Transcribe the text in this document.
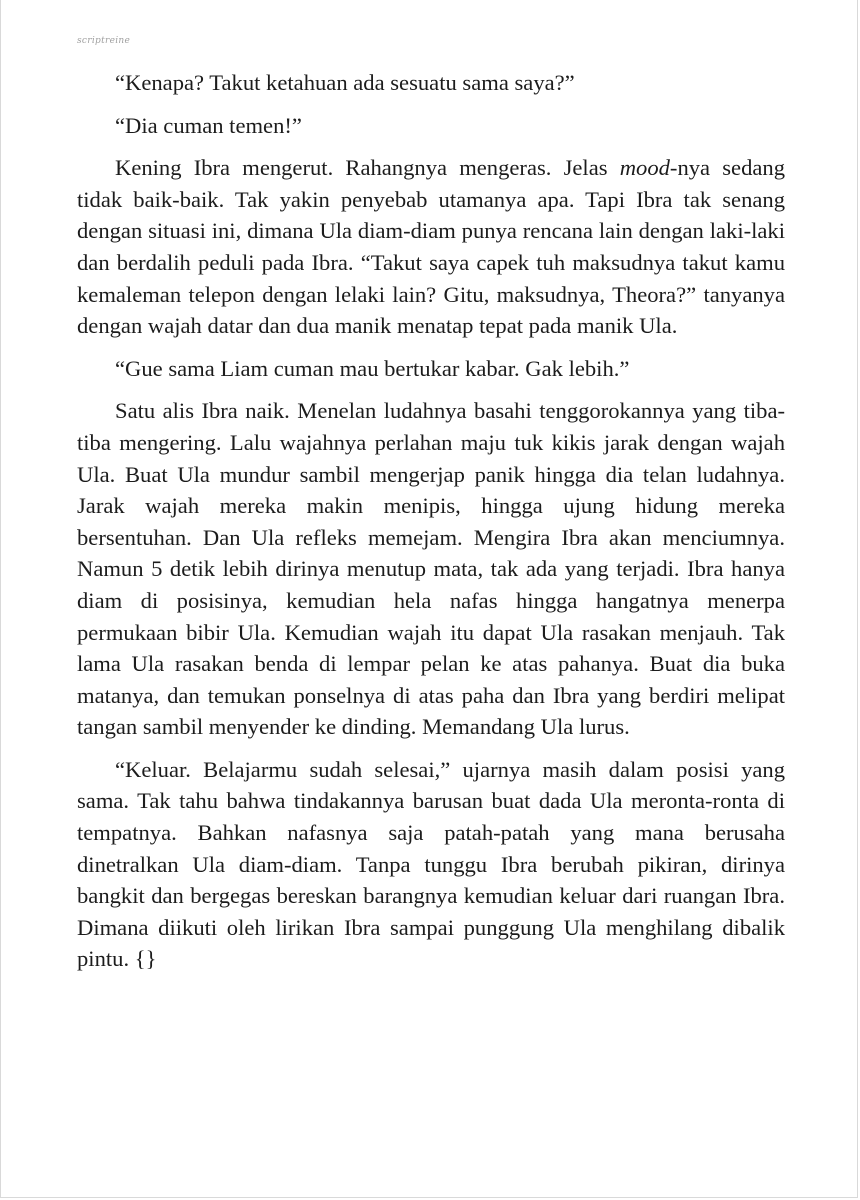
scriptreine

“Kenapa? Takut ketahuan ada sesuatu sama saya?”

“Dia cuman temen!”

Kening Ibra mengerut. Rahangnya mengeras. Jelas mood-nya sedang tidak baik-baik. Tak yakin penyebab utamanya apa. Tapi Ibra tak senang dengan situasi ini, dimana Ula diam-diam punya rencana lain dengan laki-laki dan berdalih peduli pada Ibra. “Takut saya capek tuh maksudnya takut kamu kemaleman telepon dengan lelaki lain? Gitu, maksudnya, Theora?” tanyanya dengan wajah datar dan dua manik menatap tepat pada manik Ula.

“Gue sama Liam cuman mau bertukar kabar. Gak lebih.”

Satu alis Ibra naik. Menelan ludahnya basahi tenggorokannya yang tiba-tiba mengering. Lalu wajahnya perlahan maju tuk kikis jarak dengan wajah Ula. Buat Ula mundur sambil mengerjap panik hingga dia telan ludahnya. Jarak wajah mereka makin menipis, hingga ujung hidung mereka bersentuhan. Dan Ula refleks memejam. Mengira Ibra akan menciumnya. Namun 5 detik lebih dirinya menutup mata, tak ada yang terjadi. Ibra hanya diam di posisinya, kemudian hela nafas hingga hangatnya menerpa permukaan bibir Ula. Kemudian wajah itu dapat Ula rasakan menjauh. Tak lama Ula rasakan benda di lempar pelan ke atas pahanya. Buat dia buka matanya, dan temukan ponselnya di atas paha dan Ibra yang berdiri melipat tangan sambil menyender ke dinding. Memandang Ula lurus.

“Keluar. Belajarmu sudah selesai,” ujarnya masih dalam posisi yang sama. Tak tahu bahwa tindakannya barusan buat dada Ula meronta-ronta di tempatnya. Bahkan nafasnya saja patah-patah yang mana berusaha dinetralkan Ula diam-diam. Tanpa tunggu Ibra berubah pikiran, dirinya bangkit dan bergegas bereskan barangnya kemudian keluar dari ruangan Ibra. Dimana diikuti oleh lirikan Ibra sampai punggung Ula menghilang dibalik pintu. {}
